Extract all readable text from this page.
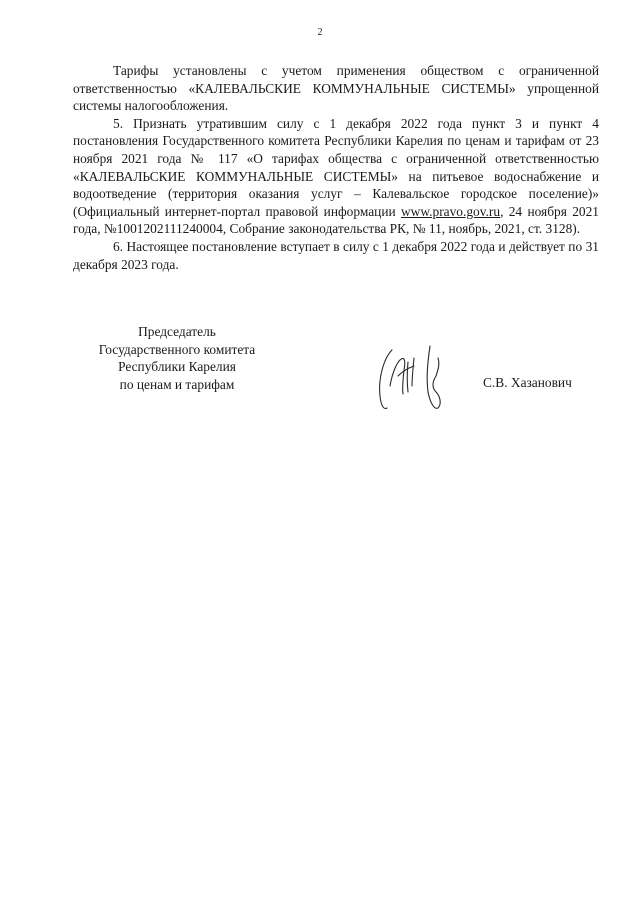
2

Тарифы установлены с учетом применения обществом с ограниченной ответственностью «КАЛЕВАЛЬСКИЕ КОММУНАЛЬНЫЕ СИСТЕМЫ» упрощенной системы налогообложения.

5. Признать утратившим силу с 1 декабря 2022 года пункт 3 и пункт 4 постановления Государственного комитета Республики Карелия по ценам и тарифам от 23 ноября 2021 года № 117 «О тарифах общества с ограниченной ответственностью «КАЛЕВАЛЬСКИЕ КОММУНАЛЬНЫЕ СИСТЕМЫ» на питьевое водоснабжение и водоотведение (территория оказания услуг – Калевальское городское поселение)» (Официальный интернет-портал правовой информации www.pravo.gov.ru, 24 ноября 2021 года, №1001202111240004, Собрание законодательства РК, № 11, ноябрь, 2021, ст. 3128).

6. Настоящее постановление вступает в силу с 1 декабря 2022 года и действует по 31 декабря 2023 года.

Председатель
Государственного комитета
Республики Карелия
по ценам и тарифам	С.В. Хазанович
